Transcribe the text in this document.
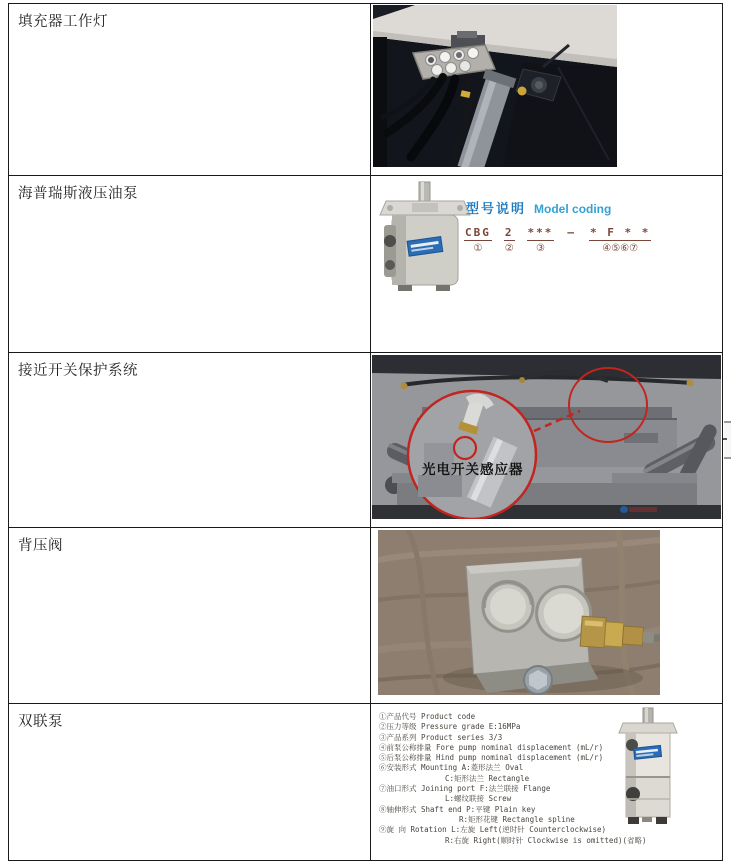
填充器工作灯
海普瑞斯液压油泵
型号说明 Model coding
CBG
①
2
②
***
③
— * F * *
④⑤⑥⑦
接近开关保护系统
光电开关感应器
背压阀
双联泵	①产品代号 Product code
②压力等级 Pressure grade E:16MPa
③产品系列 Product series 3/3
④前泵公称排量 Fore pump nominal displacement (mL/r)
⑤后泵公称排量 Hind pump nominal displacement (mL/r)
⑥安装形式 Mounting A:菱形法兰 Oval
C:矩形法兰 Rectangle
⑦油口形式 Joining port F:法兰联接 Flange
L:螺纹联接 Screw
⑧轴伸形式 Shaft end P:平键 Plain key
R:矩形花键 Rectangle spline
⑨旋 向 Rotation L:左旋 Left(逆时针 Counterclockwise)
R:右旋 Right(顺时针 Clockwise is omitted)(省略)
